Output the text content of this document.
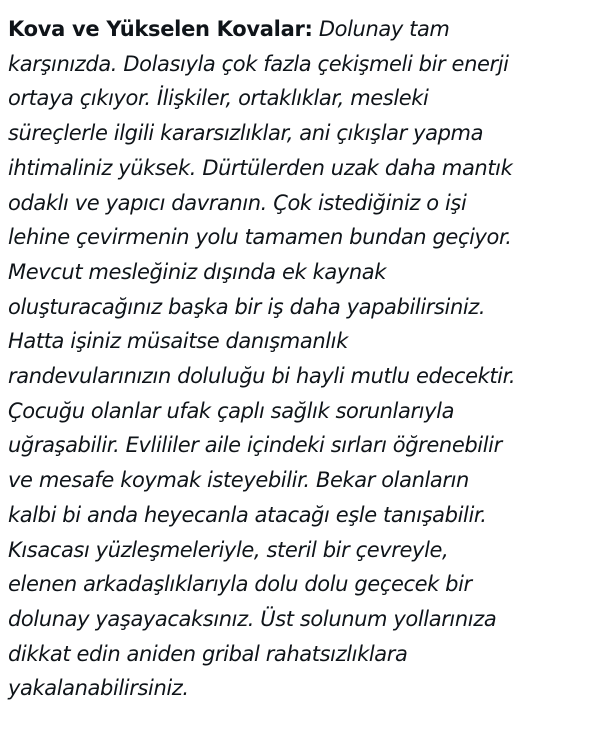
Kova ve Yükselen Kovalar: Dolunay tam
karşınızda. Dolasıyla çok fazla çekişmeli bir enerji
ortaya çıkıyor. İlişkiler, ortaklıklar, mesleki
süreçlerle ilgili kararsızlıklar, ani çıkışlar yapma
ihtimaliniz yüksek. Dürtülerden uzak daha mantık
odaklı ve yapıcı davranın. Çok istediğiniz o işi
lehine çevirmenin yolu tamamen bundan geçiyor.
Mevcut mesleğiniz dışında ek kaynak
oluşturacağınız başka bir iş daha yapabilirsiniz.
Hatta işiniz müsaitse danışmanlık
randevularınızın doluluğu bi hayli mutlu edecektir.
Çocuğu olanlar ufak çaplı sağlık sorunlarıyla
uğraşabilir. Evlililer aile içindeki sırları öğrenebilir
ve mesafe koymak isteyebilir. Bekar olanların
kalbi bi anda heyecanla atacağı eşle tanışabilir.
Kısacası yüzleşmeleriyle, steril bir çevreyle,
elenen arkadaşlıklarıyla dolu dolu geçecek bir
dolunay yaşayacaksınız. Üst solunum yollarınıza
dikkat edin aniden gribal rahatsızlıklara
yakalanabilirsiniz.
